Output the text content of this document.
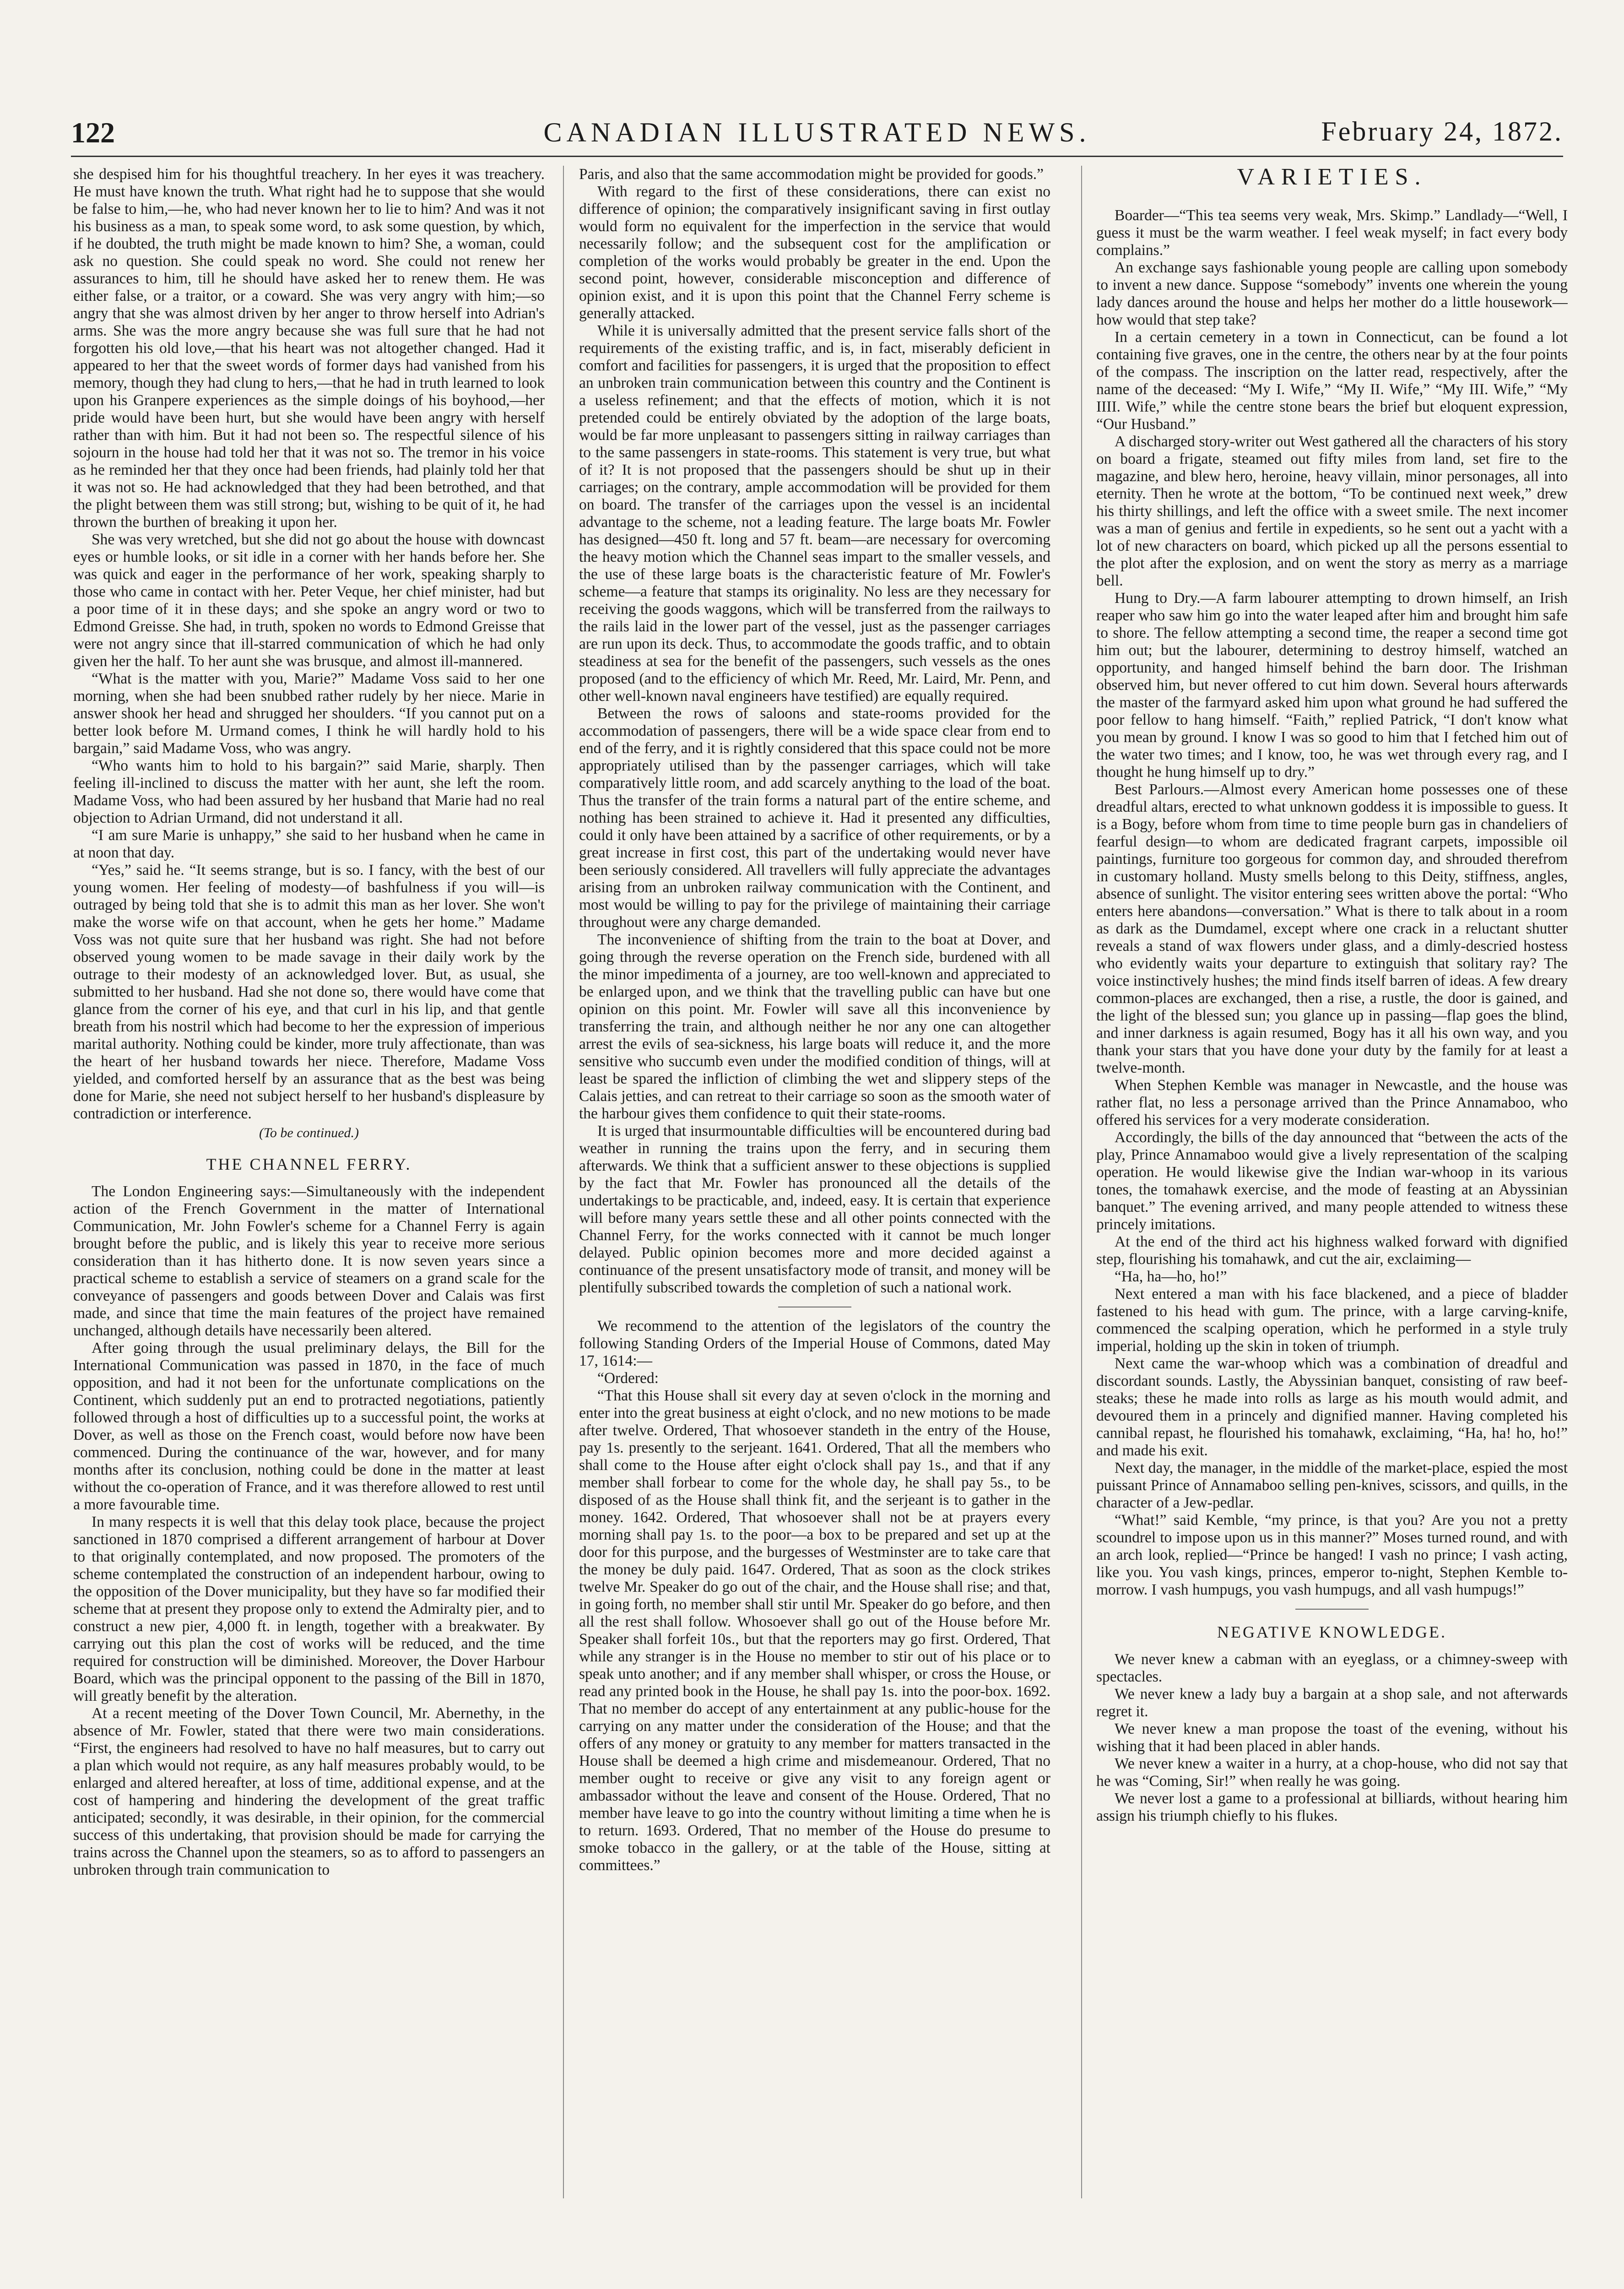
122	CANADIAN ILLUSTRATED NEWS.	February 24, 1872.

she despised him for his thoughtful treachery. In her eyes it was treachery. He must have known the truth. What right had he to suppose that she would be false to him,—he, who had never known her to lie to him? And was it not his business as a man, to speak some word, to ask some question, by which, if he doubted, the truth might be made known to him? She, a woman, could ask no question. She could speak no word. She could not renew her assurances to him, till he should have asked her to renew them. He was either false, or a traitor, or a coward. She was very angry with him;—so angry that she was almost driven by her anger to throw herself into Adrian's arms. She was the more angry because she was full sure that he had not forgotten his old love,—that his heart was not altogether changed. Had it appeared to her that the sweet words of former days had vanished from his memory, though they had clung to hers,—that he had in truth learned to look upon his Granpere experiences as the simple doings of his boyhood,—her pride would have been hurt, but she would have been angry with herself rather than with him. But it had not been so. The respectful silence of his sojourn in the house had told her that it was not so. The tremor in his voice as he reminded her that they once had been friends, had plainly told her that it was not so. He had acknowledged that they had been betrothed, and that the plight between them was still strong; but, wishing to be quit of it, he had thrown the burthen of breaking it upon her.

She was very wretched, but she did not go about the house with downcast eyes or humble looks, or sit idle in a corner with her hands before her. She was quick and eager in the performance of her work, speaking sharply to those who came in contact with her. Peter Veque, her chief minister, had but a poor time of it in these days; and she spoke an angry word or two to Edmond Greisse. She had, in truth, spoken no words to Edmond Greisse that were not angry since that ill-starred communication of which he had only given her the half. To her aunt she was brusque, and almost ill-mannered.

“What is the matter with you, Marie?” Madame Voss said to her one morning, when she had been snubbed rather rudely by her niece. Marie in answer shook her head and shrugged her shoulders. “If you cannot put on a better look before M. Urmand comes, I think he will hardly hold to his bargain,” said Madame Voss, who was angry.

“Who wants him to hold to his bargain?” said Marie, sharply. Then feeling ill-inclined to discuss the matter with her aunt, she left the room. Madame Voss, who had been assured by her husband that Marie had no real objection to Adrian Urmand, did not understand it all.

“I am sure Marie is unhappy,” she said to her husband when he came in at noon that day.

“Yes,” said he. “It seems strange, but is so. I fancy, with the best of our young women. Her feeling of modesty—of bashfulness if you will—is outraged by being told that she is to admit this man as her lover. She won't make the worse wife on that account, when he gets her home.” Madame Voss was not quite sure that her husband was right. She had not before observed young women to be made savage in their daily work by the outrage to their modesty of an acknowledged lover. But, as usual, she submitted to her husband. Had she not done so, there would have come that glance from the corner of his eye, and that curl in his lip, and that gentle breath from his nostril which had become to her the expression of imperious marital authority. Nothing could be kinder, more truly affectionate, than was the heart of her husband towards her niece. Therefore, Madame Voss yielded, and comforted herself by an assurance that as the best was being done for Marie, she need not subject herself to her husband's displeasure by contradiction or interference.

(To be continued.)
THE CHANNEL FERRY.

The London Engineering says:—Simultaneously with the independent action of the French Government in the matter of International Communication, Mr. John Fowler's scheme for a Channel Ferry is again brought before the public, and is likely this year to receive more serious consideration than it has hitherto done. It is now seven years since a practical scheme to establish a service of steamers on a grand scale for the conveyance of passengers and goods between Dover and Calais was first made, and since that time the main features of the project have remained unchanged, although details have necessarily been altered.

After going through the usual preliminary delays, the Bill for the International Communication was passed in 1870, in the face of much opposition, and had it not been for the unfortunate complications on the Continent, which suddenly put an end to protracted negotiations, patiently followed through a host of difficulties up to a successful point, the works at Dover, as well as those on the French coast, would before now have been commenced. During the continuance of the war, however, and for many months after its conclusion, nothing could be done in the matter at least without the co-operation of France, and it was therefore allowed to rest until a more favourable time.

In many respects it is well that this delay took place, because the project sanctioned in 1870 comprised a different arrangement of harbour at Dover to that originally contemplated, and now proposed. The promoters of the scheme contemplated the construction of an independent harbour, owing to the opposition of the Dover municipality, but they have so far modified their scheme that at present they propose only to extend the Admiralty pier, and to construct a new pier, 4,000 ft. in length, together with a breakwater. By carrying out this plan the cost of works will be reduced, and the time required for construction will be diminished. Moreover, the Dover Harbour Board, which was the principal opponent to the passing of the Bill in 1870, will greatly benefit by the alteration.

At a recent meeting of the Dover Town Council, Mr. Abernethy, in the absence of Mr. Fowler, stated that there were two main considerations. “First, the engineers had resolved to have no half measures, but to carry out a plan which would not require, as any half measures probably would, to be enlarged and altered hereafter, at loss of time, additional expense, and at the cost of hampering and hindering the development of the great traffic anticipated; secondly, it was desirable, in their opinion, for the commercial success of this undertaking, that provision should be made for carrying the trains across the Channel upon the steamers, so as to afford to passengers an unbroken through train communication to

Paris, and also that the same accommodation might be provided for goods.”

With regard to the first of these considerations, there can exist no difference of opinion; the comparatively insignificant saving in first outlay would form no equivalent for the imperfection in the service that would necessarily follow; and the subsequent cost for the amplification or completion of the works would probably be greater in the end. Upon the second point, however, considerable misconception and difference of opinion exist, and it is upon this point that the Channel Ferry scheme is generally attacked.

While it is universally admitted that the present service falls short of the requirements of the existing traffic, and is, in fact, miserably deficient in comfort and facilities for passengers, it is urged that the proposition to effect an unbroken train communication between this country and the Continent is a useless refinement; and that the effects of motion, which it is not pretended could be entirely obviated by the adoption of the large boats, would be far more unpleasant to passengers sitting in railway carriages than to the same passengers in state-rooms. This statement is very true, but what of it? It is not proposed that the passengers should be shut up in their carriages; on the contrary, ample accommodation will be provided for them on board. The transfer of the carriages upon the vessel is an incidental advantage to the scheme, not a leading feature. The large boats Mr. Fowler has designed—450 ft. long and 57 ft. beam—are necessary for overcoming the heavy motion which the Channel seas impart to the smaller vessels, and the use of these large boats is the characteristic feature of Mr. Fowler's scheme—a feature that stamps its originality. No less are they necessary for receiving the goods waggons, which will be transferred from the railways to the rails laid in the lower part of the vessel, just as the passenger carriages are run upon its deck. Thus, to accommodate the goods traffic, and to obtain steadiness at sea for the benefit of the passengers, such vessels as the ones proposed (and to the efficiency of which Mr. Reed, Mr. Laird, Mr. Penn, and other well-known naval engineers have testified) are equally required.

Between the rows of saloons and state-rooms provided for the accommodation of passengers, there will be a wide space clear from end to end of the ferry, and it is rightly considered that this space could not be more appropriately utilised than by the passenger carriages, which will take comparatively little room, and add scarcely anything to the load of the boat. Thus the transfer of the train forms a natural part of the entire scheme, and nothing has been strained to achieve it. Had it presented any difficulties, could it only have been attained by a sacrifice of other requirements, or by a great increase in first cost, this part of the undertaking would never have been seriously considered. All travellers will fully appreciate the advantages arising from an unbroken railway communication with the Continent, and most would be willing to pay for the privilege of maintaining their carriage throughout were any charge demanded.

The inconvenience of shifting from the train to the boat at Dover, and going through the reverse operation on the French side, burdened with all the minor impedimenta of a journey, are too well-known and appreciated to be enlarged upon, and we think that the travelling public can have but one opinion on this point. Mr. Fowler will save all this inconvenience by transferring the train, and although neither he nor any one can altogether arrest the evils of sea-sickness, his large boats will reduce it, and the more sensitive who succumb even under the modified condition of things, will at least be spared the infliction of climbing the wet and slippery steps of the Calais jetties, and can retreat to their carriage so soon as the smooth water of the harbour gives them confidence to quit their state-rooms.

It is urged that insurmountable difficulties will be encountered during bad weather in running the trains upon the ferry, and in securing them afterwards. We think that a sufficient answer to these objections is supplied by the fact that Mr. Fowler has pronounced all the details of the undertakings to be practicable, and, indeed, easy. It is certain that experience will before many years settle these and all other points connected with the Channel Ferry, for the works connected with it cannot be much longer delayed. Public opinion becomes more and more decided against a continuance of the present unsatisfactory mode of transit, and money will be plentifully subscribed towards the completion of such a national work.

We recommend to the attention of the legislators of the country the following Standing Orders of the Imperial House of Commons, dated May 17, 1614:—

“Ordered:

“That this House shall sit every day at seven o'clock in the morning and enter into the great business at eight o'clock, and no new motions to be made after twelve. Ordered, That whosoever standeth in the entry of the House, pay 1s. presently to the serjeant. 1641. Ordered, That all the members who shall come to the House after eight o'clock shall pay 1s., and that if any member shall forbear to come for the whole day, he shall pay 5s., to be disposed of as the House shall think fit, and the serjeant is to gather in the money. 1642. Ordered, That whosoever shall not be at prayers every morning shall pay 1s. to the poor—a box to be prepared and set up at the door for this purpose, and the burgesses of Westminster are to take care that the money be duly paid. 1647. Ordered, That as soon as the clock strikes twelve Mr. Speaker do go out of the chair, and the House shall rise; and that, in going forth, no member shall stir until Mr. Speaker do go before, and then all the rest shall follow. Whosoever shall go out of the House before Mr. Speaker shall forfeit 10s., but that the reporters may go first. Ordered, That while any stranger is in the House no member to stir out of his place or to speak unto another; and if any member shall whisper, or cross the House, or read any printed book in the House, he shall pay 1s. into the poor-box. 1692. That no member do accept of any entertainment at any public-house for the carrying on any matter under the consideration of the House; and that the offers of any money or gratuity to any member for matters transacted in the House shall be deemed a high crime and misdemeanour. Ordered, That no member ought to receive or give any visit to any foreign agent or ambassador without the leave and consent of the House. Ordered, That no member have leave to go into the country without limiting a time when he is to return. 1693. Ordered, That no member of the House do presume to smoke tobacco in the gallery, or at the table of the House, sitting at committees.”

VARIETIES.

Boarder—“This tea seems very weak, Mrs. Skimp.” Landlady—“Well, I guess it must be the warm weather. I feel weak myself; in fact every body complains.”

An exchange says fashionable young people are calling upon somebody to invent a new dance. Suppose “somebody” invents one wherein the young lady dances around the house and helps her mother do a little housework—how would that step take?

In a certain cemetery in a town in Connecticut, can be found a lot containing five graves, one in the centre, the others near by at the four points of the compass. The inscription on the latter read, respectively, after the name of the deceased: “My I. Wife,” “My II. Wife,” “My III. Wife,” “My IIII. Wife,” while the centre stone bears the brief but eloquent expression, “Our Husband.”

A discharged story-writer out West gathered all the characters of his story on board a frigate, steamed out fifty miles from land, set fire to the magazine, and blew hero, heroine, heavy villain, minor personages, all into eternity. Then he wrote at the bottom, “To be continued next week,” drew his thirty shillings, and left the office with a sweet smile. The next incomer was a man of genius and fertile in expedients, so he sent out a yacht with a lot of new characters on board, which picked up all the persons essential to the plot after the explosion, and on went the story as merry as a marriage bell.

Hung to Dry.—A farm labourer attempting to drown himself, an Irish reaper who saw him go into the water leaped after him and brought him safe to shore. The fellow attempting a second time, the reaper a second time got him out; but the labourer, determining to destroy himself, watched an opportunity, and hanged himself behind the barn door. The Irishman observed him, but never offered to cut him down. Several hours afterwards the master of the farmyard asked him upon what ground he had suffered the poor fellow to hang himself. “Faith,” replied Patrick, “I don't know what you mean by ground. I know I was so good to him that I fetched him out of the water two times; and I know, too, he was wet through every rag, and I thought he hung himself up to dry.”

Best Parlours.—Almost every American home possesses one of these dreadful altars, erected to what unknown goddess it is impossible to guess. It is a Bogy, before whom from time to time people burn gas in chandeliers of fearful design—to whom are dedicated fragrant carpets, impossible oil paintings, furniture too gorgeous for common day, and shrouded therefrom in customary holland. Musty smells belong to this Deity, stiffness, angles, absence of sunlight. The visitor entering sees written above the portal: “Who enters here abandons—conversation.” What is there to talk about in a room as dark as the Dumdamel, except where one crack in a reluctant shutter reveals a stand of wax flowers under glass, and a dimly-descried hostess who evidently waits your departure to extinguish that solitary ray? The voice instinctively hushes; the mind finds itself barren of ideas. A few dreary common-places are exchanged, then a rise, a rustle, the door is gained, and the light of the blessed sun; you glance up in passing—flap goes the blind, and inner darkness is again resumed, Bogy has it all his own way, and you thank your stars that you have done your duty by the family for at least a twelve-month.

When Stephen Kemble was manager in Newcastle, and the house was rather flat, no less a personage arrived than the Prince Annamaboo, who offered his services for a very moderate consideration.

Accordingly, the bills of the day announced that “between the acts of the play, Prince Annamaboo would give a lively representation of the scalping operation. He would likewise give the Indian war-whoop in its various tones, the tomahawk exercise, and the mode of feasting at an Abyssinian banquet.” The evening arrived, and many people attended to witness these princely imitations.

At the end of the third act his highness walked forward with dignified step, flourishing his tomahawk, and cut the air, exclaiming—

“Ha, ha—ho, ho!”

Next entered a man with his face blackened, and a piece of bladder fastened to his head with gum. The prince, with a large carving-knife, commenced the scalping operation, which he performed in a style truly imperial, holding up the skin in token of triumph.

Next came the war-whoop which was a combination of dreadful and discordant sounds. Lastly, the Abyssinian banquet, consisting of raw beef-steaks; these he made into rolls as large as his mouth would admit, and devoured them in a princely and dignified manner. Having completed his cannibal repast, he flourished his tomahawk, exclaiming, “Ha, ha! ho, ho!” and made his exit.

Next day, the manager, in the middle of the market-place, espied the most puissant Prince of Annamaboo selling pen-knives, scissors, and quills, in the character of a Jew-pedlar.

“What!” said Kemble, “my prince, is that you? Are you not a pretty scoundrel to impose upon us in this manner?” Moses turned round, and with an arch look, replied—“Prince be hanged! I vash no prince; I vash acting, like you. You vash kings, princes, emperor to-night, Stephen Kemble to-morrow. I vash humpugs, you vash humpugs, and all vash humpugs!”

NEGATIVE KNOWLEDGE.

We never knew a cabman with an eyeglass, or a chimney-sweep with spectacles.

We never knew a lady buy a bargain at a shop sale, and not afterwards regret it.

We never knew a man propose the toast of the evening, without his wishing that it had been placed in abler hands.

We never knew a waiter in a hurry, at a chop-house, who did not say that he was “Coming, Sir!” when really he was going.

We never lost a game to a professional at billiards, without hearing him assign his triumph chiefly to his flukes.
